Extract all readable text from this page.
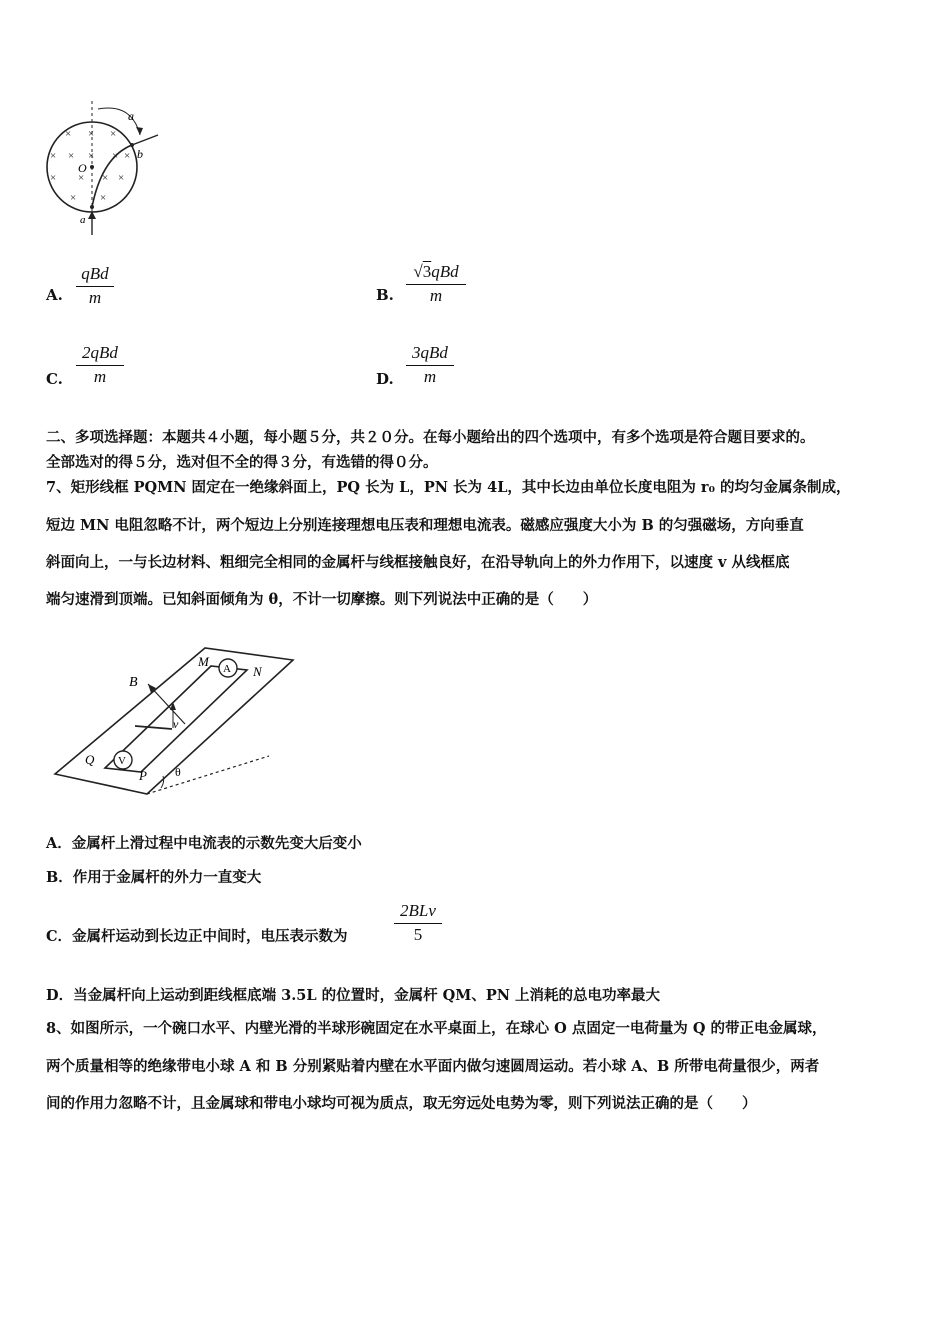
× × ×
× × × × ×
× × × ×
× ×
a
b
O
a
A.
qBd
m	B.
√3qBd
m
C.
2qBd
m	D.
3qBd
m
二、多项选择题：本题共４小题，每小题５分，共２０分。在每小题给出的四个选项中，有多个选项是符合题目要求的。
全部选对的得５分，选对但不全的得３分，有选错的得０分。
7、矩形线框 PQMN 固定在一绝缘斜面上，PQ 长为 L，PN 长为 4L，其中长边由单位长度电阻为 r₀ 的均匀金属条制成，
短边 MN 电阻忽略不计，两个短边上分别连接理想电压表和理想电流表。磁感应强度大小为 B 的匀强磁场，方向垂直
斜面向上，一与长边材料、粗细完全相同的金属杆与线框接触良好，在沿导轨向上的外力作用下，以速度 v 从线框底
端匀速滑到顶端。已知斜面倾角为 θ，不计一切摩擦。则下列说法中正确的是（　　）
A
V
B
M
N
v
Q
P θ
A．金属杆上滑过程中电流表的示数先变大后变小
B．作用于金属杆的外力一直变大
C．金属杆运动到长边正中间时，电压表示数为
2BLv
5
D．当金属杆向上运动到距线框底端 3.5L 的位置时，金属杆 QM、PN 上消耗的总电功率最大
8、如图所示，一个碗口水平、内壁光滑的半球形碗固定在水平桌面上，在球心 O 点固定一电荷量为 Q 的带正电金属球，
两个质量相等的绝缘带电小球 A 和 B 分别紧贴着内壁在水平面内做匀速圆周运动。若小球 A、B 所带电荷量很少，两者
间的作用力忽略不计，且金属球和带电小球均可视为质点，取无穷远处电势为零，则下列说法正确的是（　　）
